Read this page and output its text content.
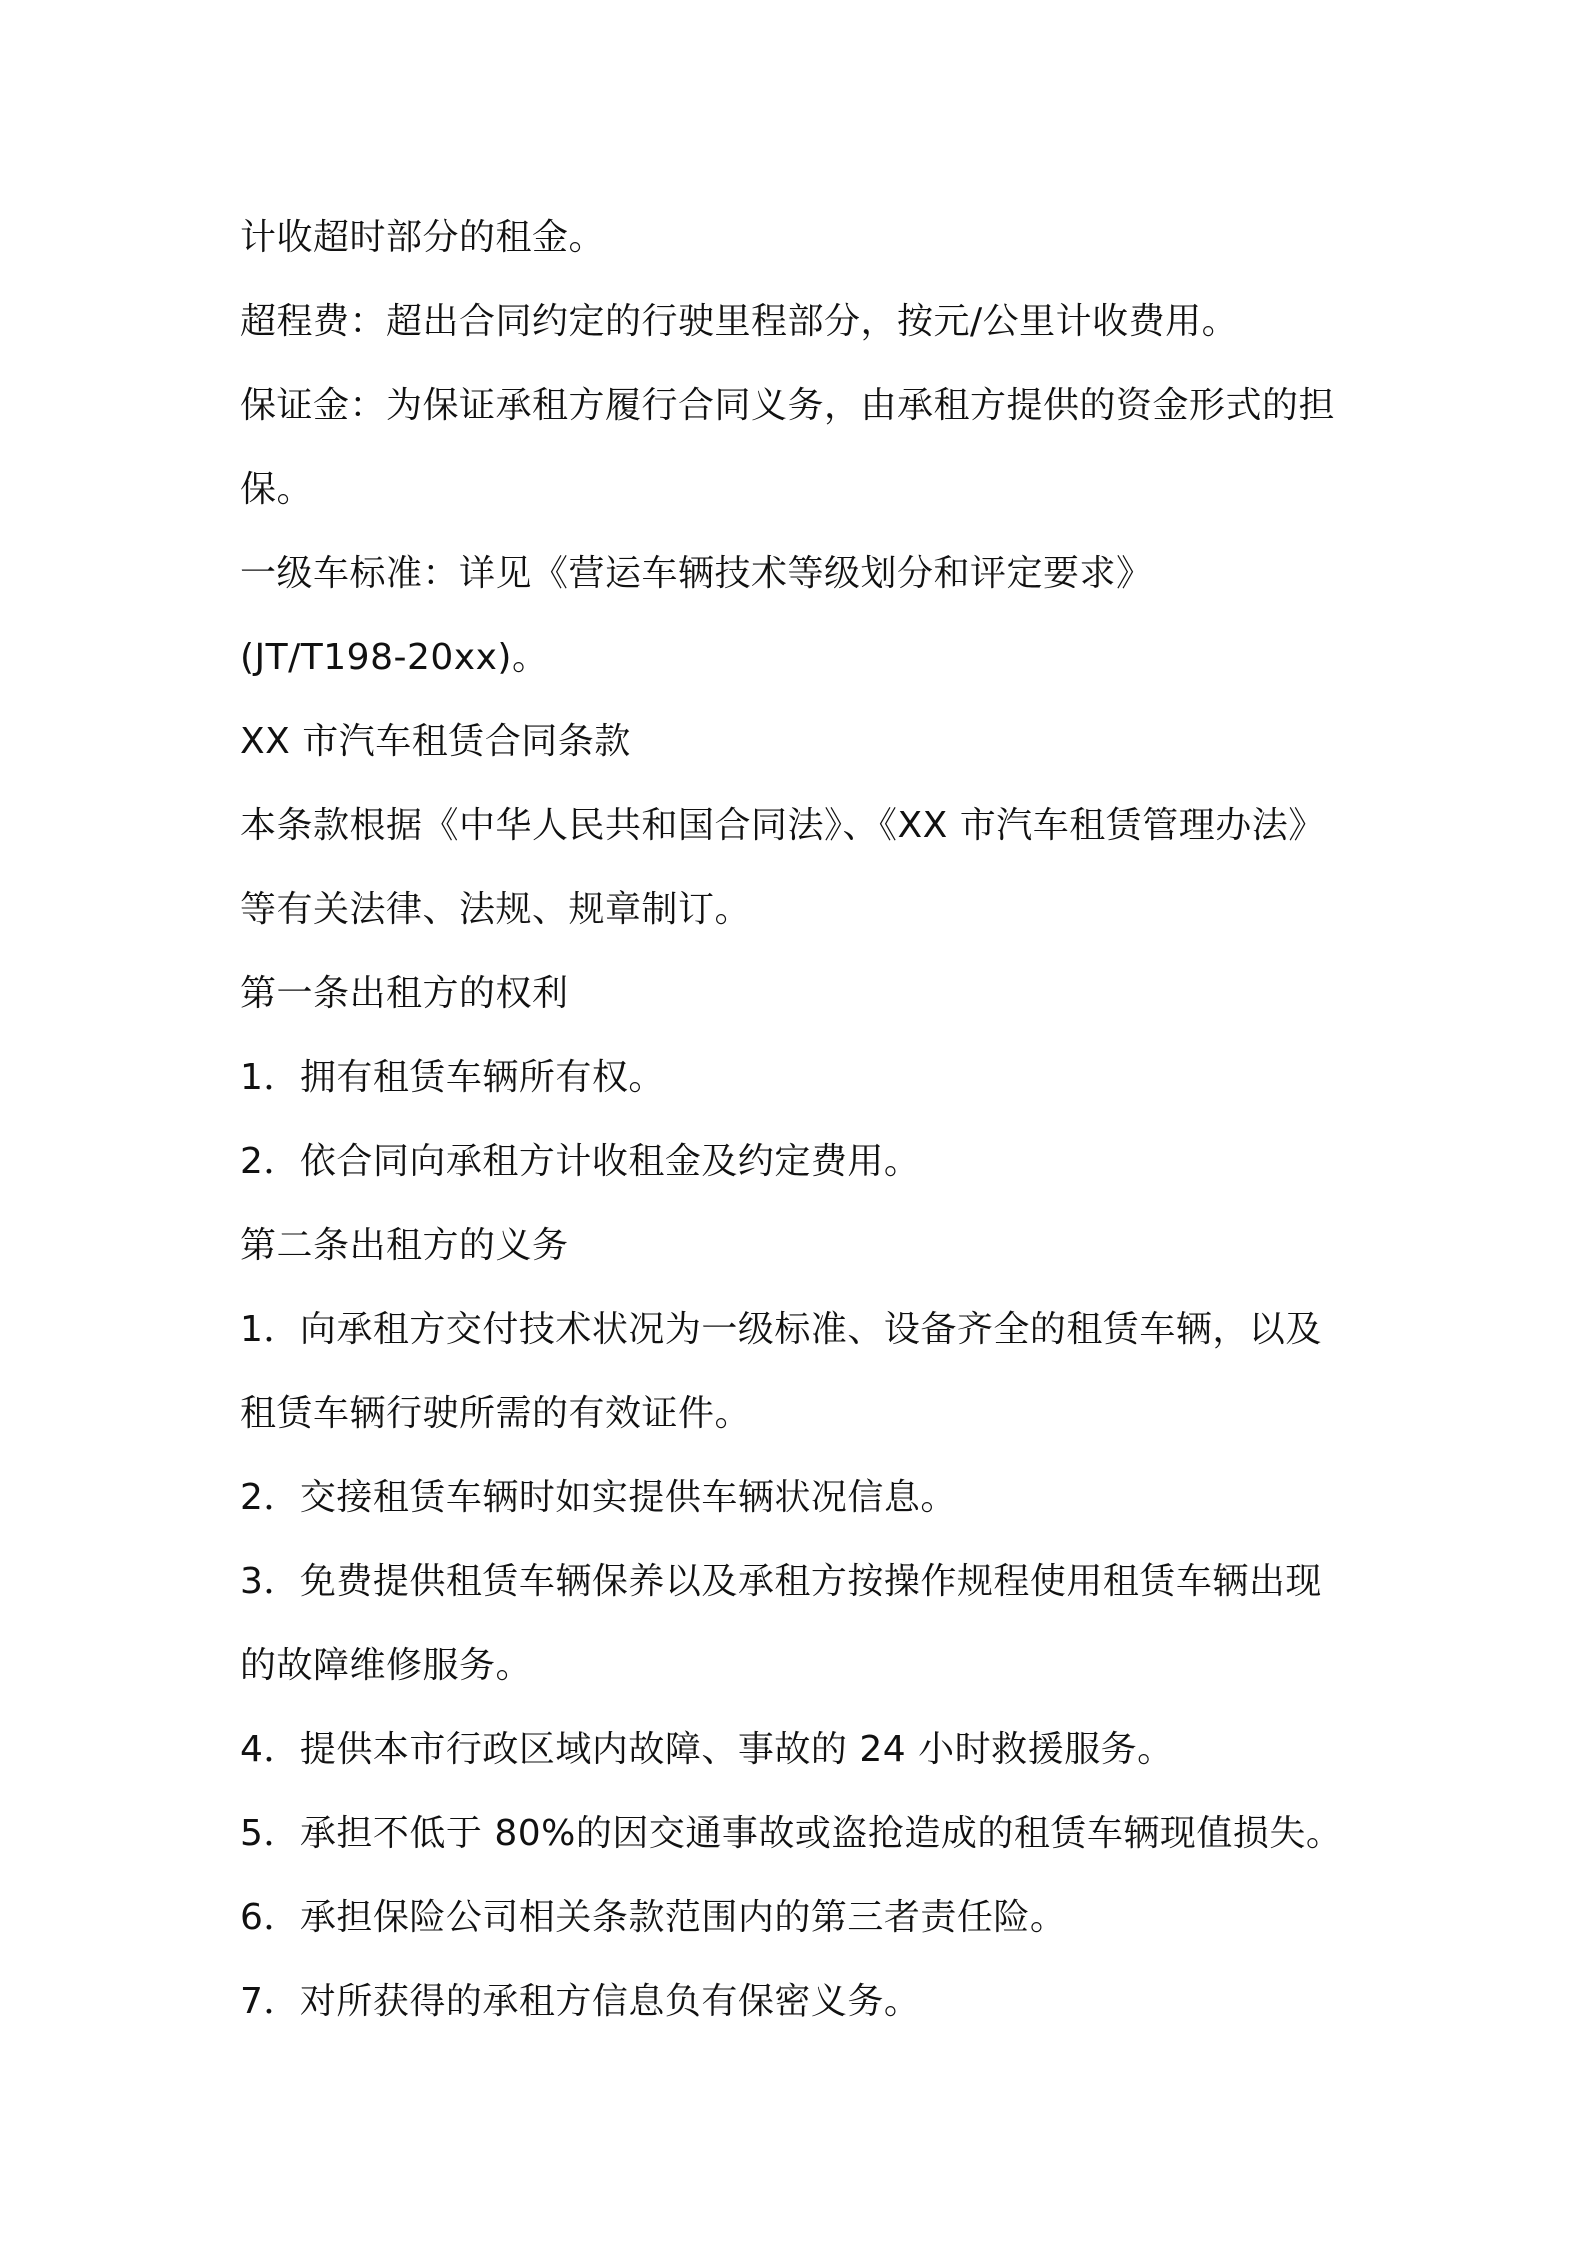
计收超时部分的租金。
超程费：超出合同约定的行驶里程部分，按元/公里计收费用。
保证金：为保证承租方履行合同义务，由承租方提供的资金形式的担
保。
一级车标准：详见《营运车辆技术等级划分和评定要求》
(JT/T198-20xx)。
XX 市汽车租赁合同条款
本条款根据《中华人民共和国合同法》、《XX 市汽车租赁管理办法》
等有关法律、法规、规章制订。
第一条出租方的权利
1．拥有租赁车辆所有权。
2．依合同向承租方计收租金及约定费用。
第二条出租方的义务
1．向承租方交付技术状况为一级标准、设备齐全的租赁车辆，以及
租赁车辆行驶所需的有效证件。
2．交接租赁车辆时如实提供车辆状况信息。
3．免费提供租赁车辆保养以及承租方按操作规程使用租赁车辆出现
的故障维修服务。
4．提供本市行政区域内故障、事故的 24 小时救援服务。
5．承担不低于 80%的因交通事故或盗抢造成的租赁车辆现值损失。
6．承担保险公司相关条款范围内的第三者责任险。
7．对所获得的承租方信息负有保密义务。
